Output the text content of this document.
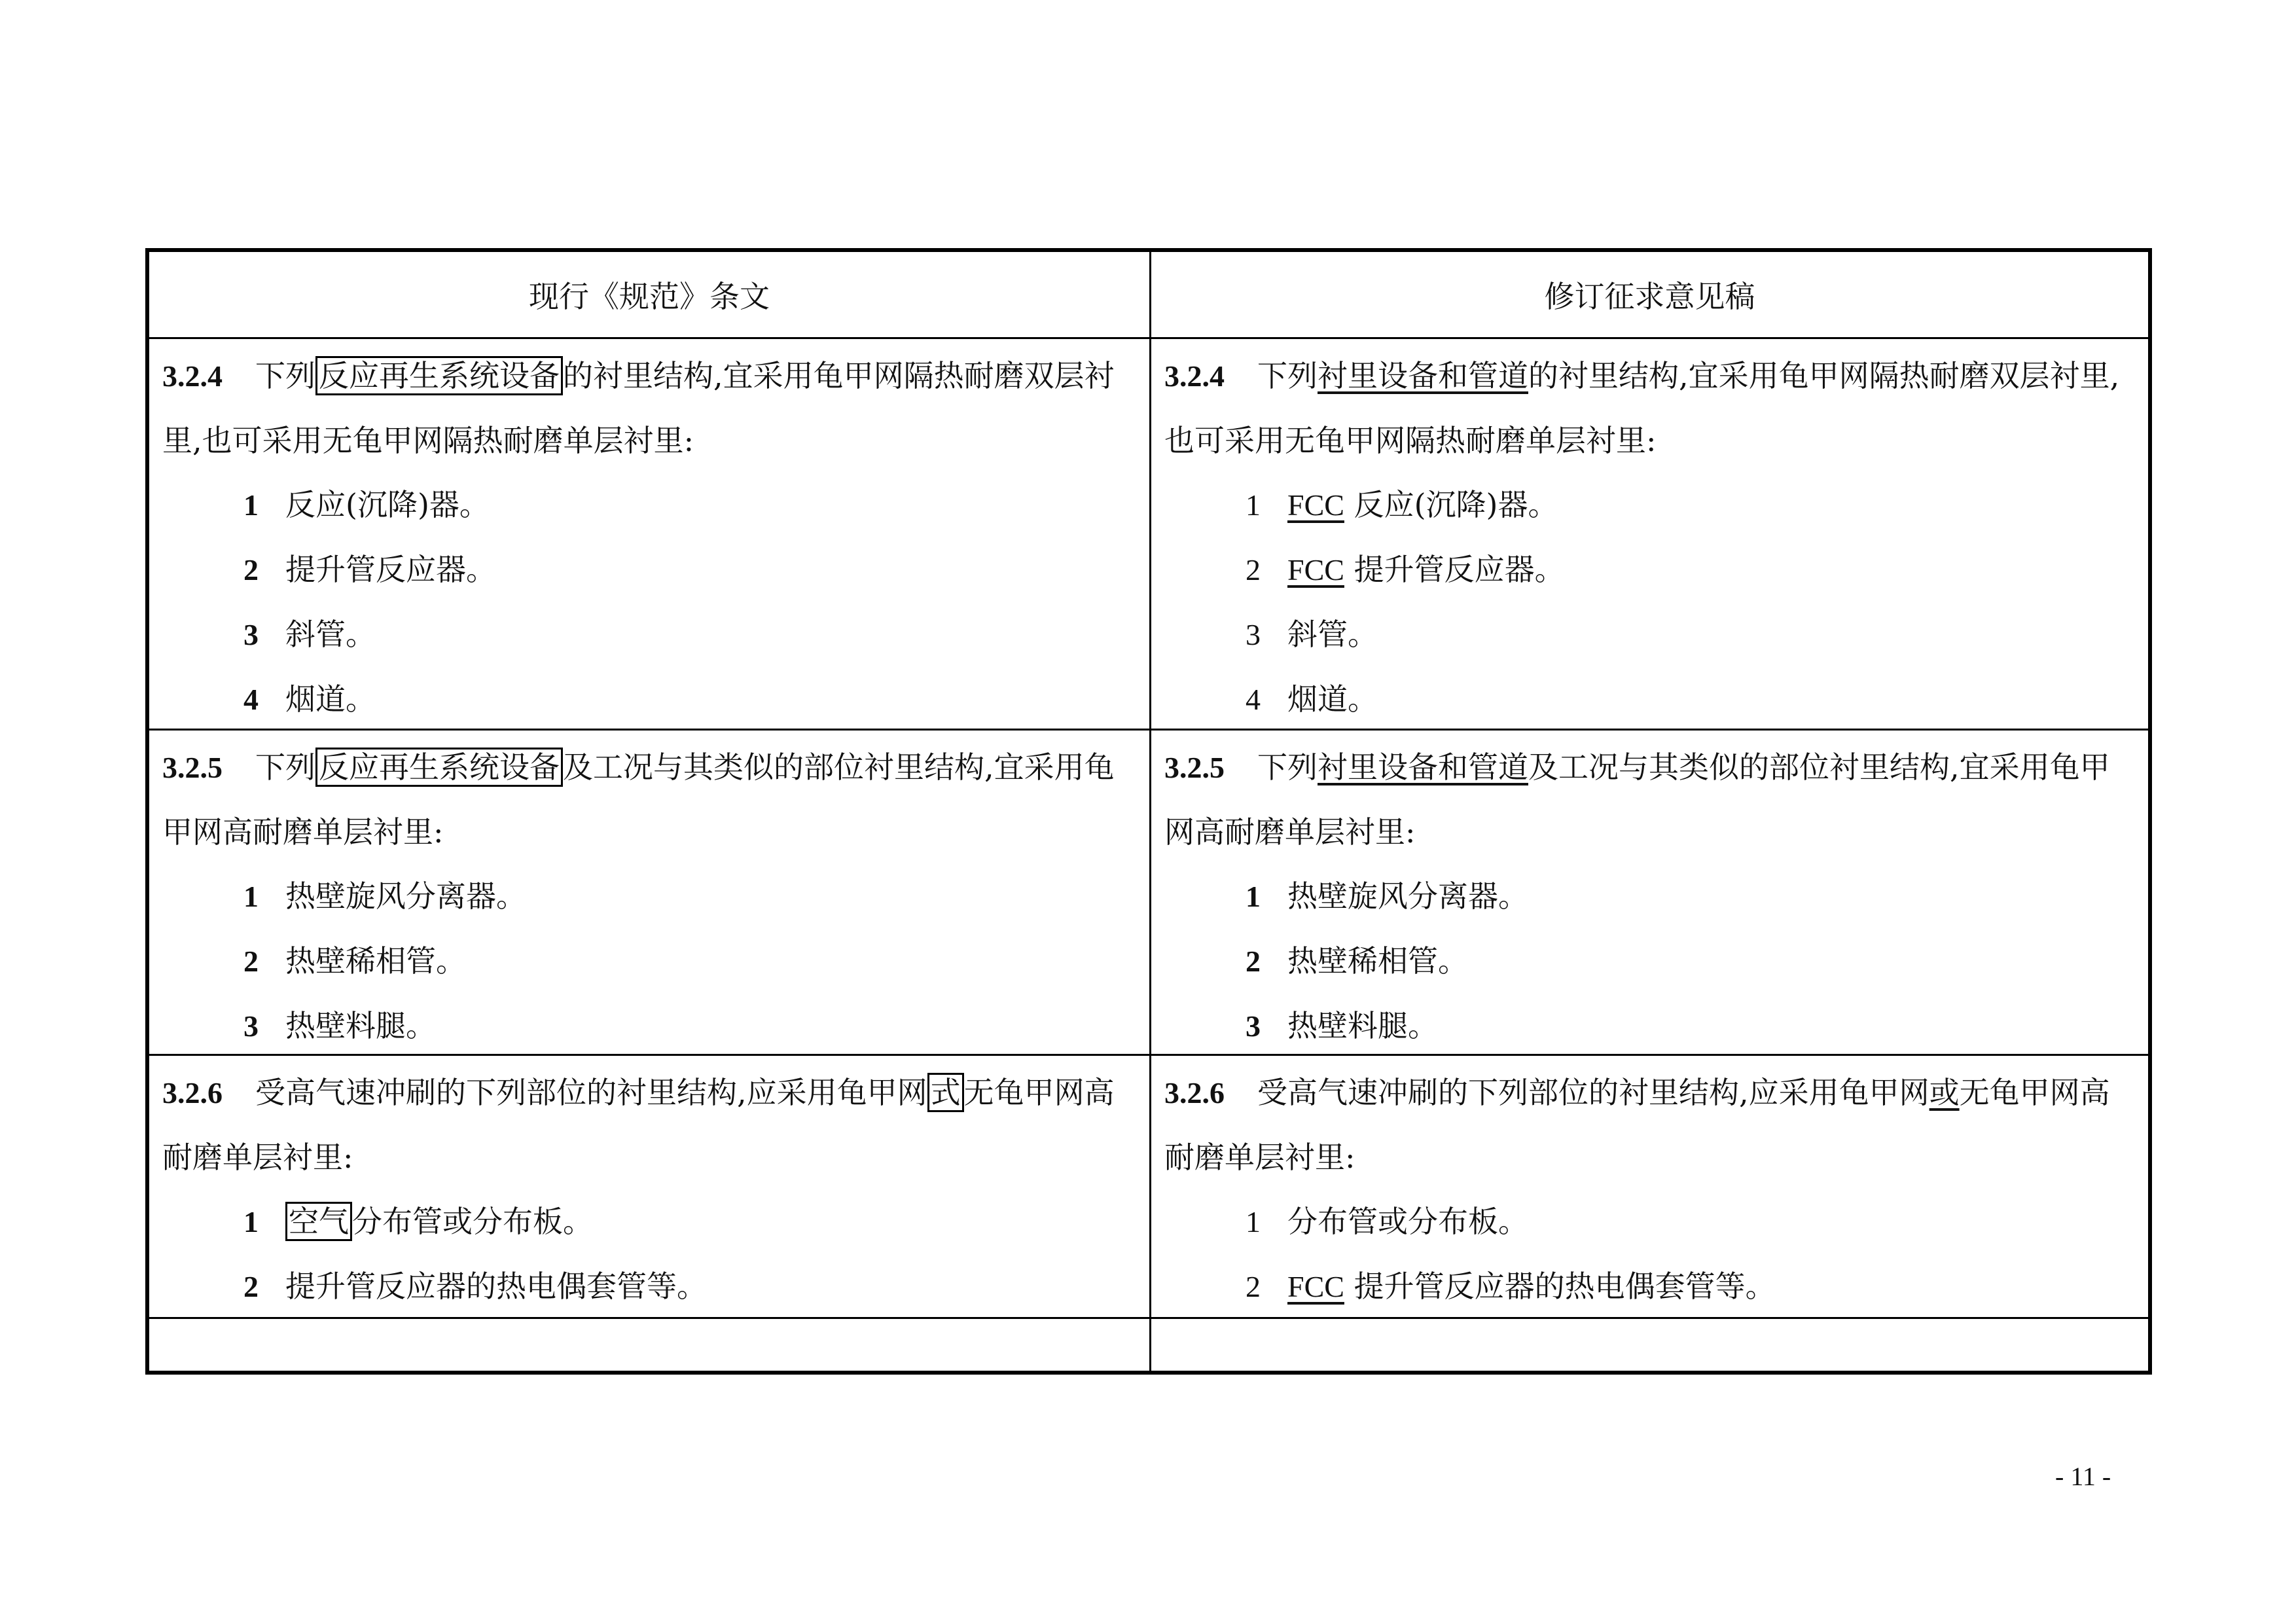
现行《规范》条文	修订征求意见稿

3.2.4 下列 反应再生系统设备 的衬里结构,宜采用龟甲网隔热耐磨双层衬里,也可采用无龟甲网隔热耐磨单层衬里:

1 反应(沉降)器。

2 提升管反应器。

3 斜管。

4 烟道。

3.2.4 下列衬里设备和管道的衬里结构,宜采用龟甲网隔热耐磨双层衬里,也可采用无龟甲网隔热耐磨单层衬里:

1 FCC 反应(沉降)器。

2 FCC 提升管反应器。

3 斜管。

4 烟道。

3.2.5 下列 反应再生系统设备 及工况与其类似的部位衬里结构,宜采用龟甲网高耐磨单层衬里:

1 热壁旋风分离器。

2 热壁稀相管。

3 热壁料腿。

3.2.5 下列衬里设备和管道及工况与其类似的部位衬里结构,宜采用龟甲网高耐磨单层衬里:

1 热壁旋风分离器。

2 热壁稀相管。

3 热壁料腿。

3.2.6 受高气速冲刷的下列部位的衬里结构,应采用龟甲网 式 无龟甲网高耐磨单层衬里:

1 空气 分布管或分布板。

2 提升管反应器的热电偶套管等。

3.2.6 受高气速冲刷的下列部位的衬里结构,应采用龟甲网或无龟甲网高耐磨单层衬里:

1 分布管或分布板。

2 FCC 提升管反应器的热电偶套管等。

- 11 -
